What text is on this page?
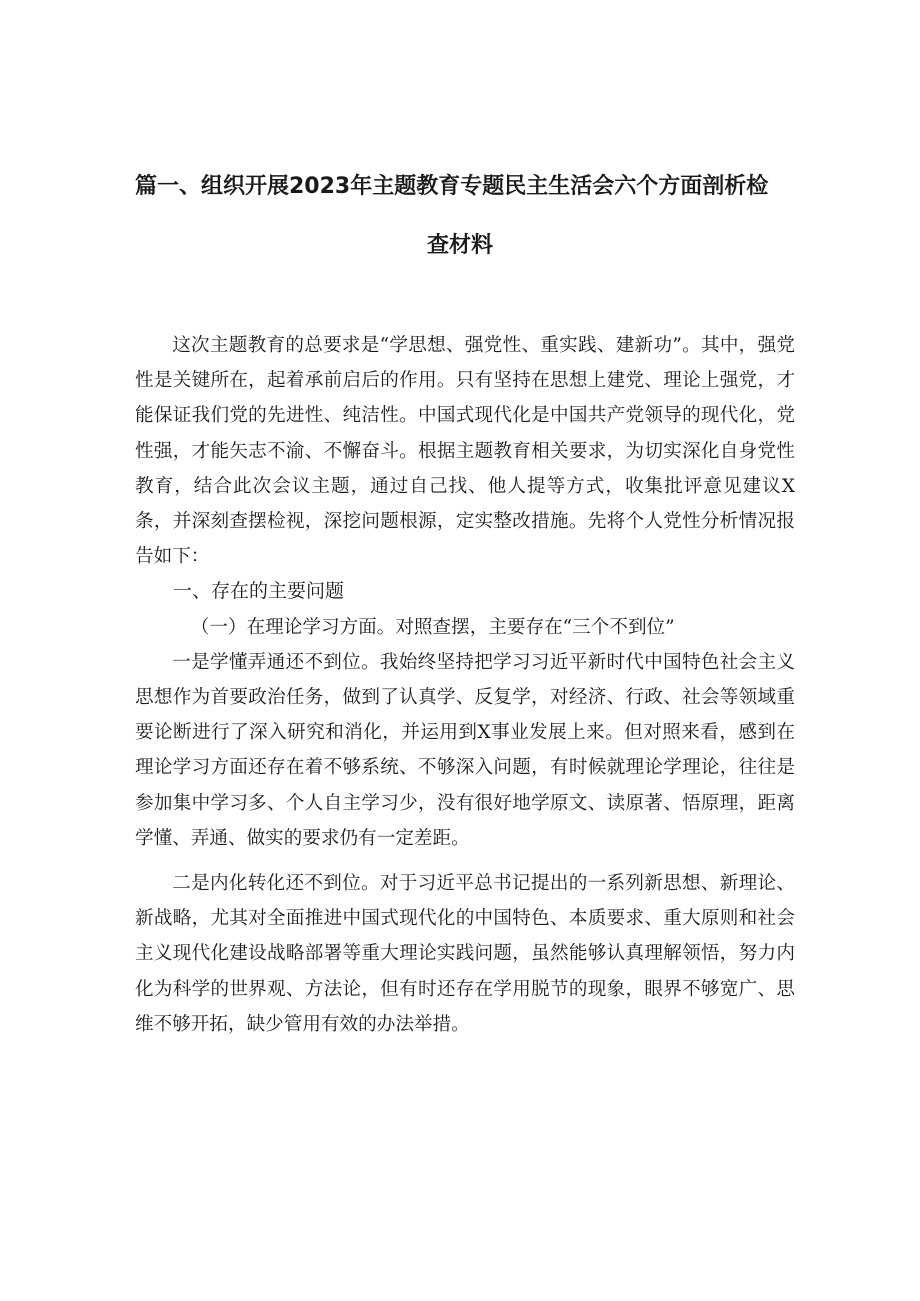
篇一、组织开展2023年主题教育专题民主生活会六个方面剖析检
查材料

这次主题教育的总要求是“学思想、强党性、重实践、建新功”。其中，强党性是关键所在，起着承前启后的作用。只有坚持在思想上建党、理论上强党，才能保证我们党的先进性、纯洁性。中国式现代化是中国共产党领导的现代化，党性强，才能矢志不渝、不懈奋斗。根据主题教育相关要求，为切实深化自身党性教育，结合此次会议主题，通过自己找、他人提等方式，收集批评意见建议X条，并深刻查摆检视，深挖问题根源，定实整改措施。先将个人党性分析情况报告如下：

一、存在的主要问题

（一）在理论学习方面。对照查摆，主要存在“三个不到位”

一是学懂弄通还不到位。我始终坚持把学习习近平新时代中国特色社会主义思想作为首要政治任务，做到了认真学、反复学，对经济、行政、社会等领域重要论断进行了深入研究和消化，并运用到X事业发展上来。但对照来看，感到在理论学习方面还存在着不够系统、不够深入问题，有时候就理论学理论，往往是参加集中学习多、个人自主学习少，没有很好地学原文、读原著、悟原理，距离学懂、弄通、做实的要求仍有一定差距。

二是内化转化还不到位。对于习近平总书记提出的一系列新思想、新理论、新战略，尤其对全面推进中国式现代化的中国特色、本质要求、重大原则和社会主义现代化建设战略部署等重大理论实践问题，虽然能够认真理解领悟，努力内化为科学的世界观、方法论，但有时还存在学用脱节的现象，眼界不够宽广、思维不够开拓，缺少管用有效的办法举措。
